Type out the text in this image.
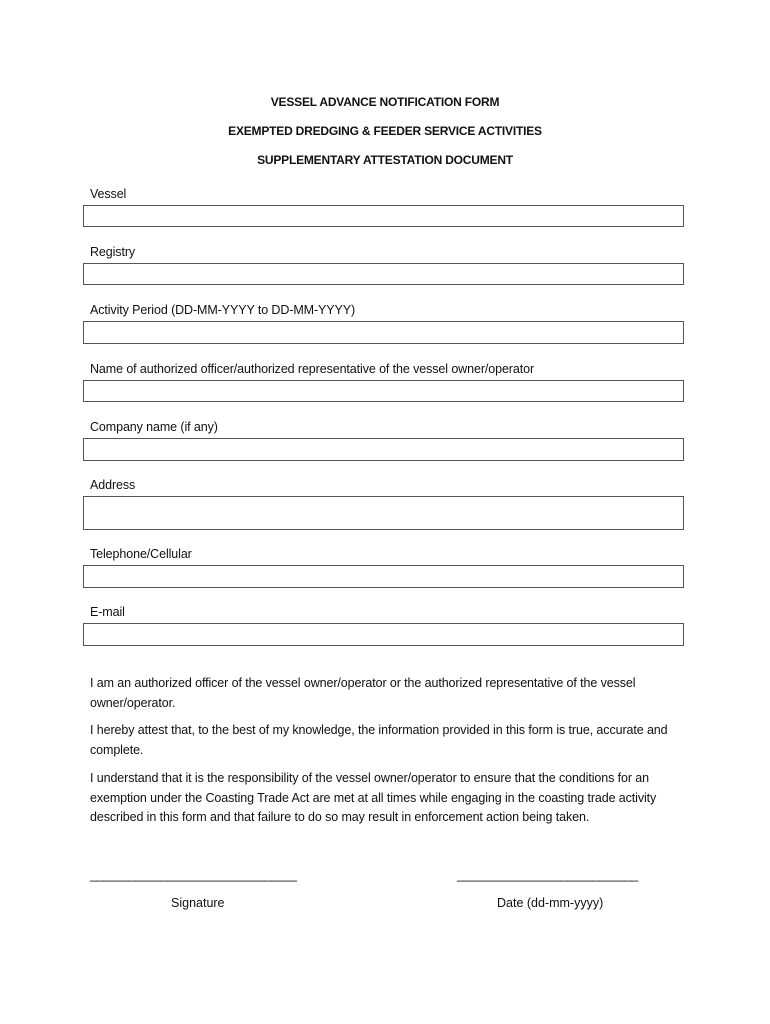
VESSEL ADVANCE NOTIFICATION FORM
EXEMPTED DREDGING & FEEDER SERVICE ACTIVITIES
SUPPLEMENTARY ATTESTATION DOCUMENT
Vessel
Registry
Activity Period (DD-MM-YYYY to DD-MM-YYYY)
Name of authorized officer/authorized representative of the vessel owner/operator
Company name (if any)
Address
Telephone/Cellular
E-mail
I am an authorized officer of the vessel owner/operator or the authorized representative of the vessel owner/operator.
I hereby attest that, to the best of my knowledge, the information provided in this form is true, accurate and complete.
I understand that it is the responsibility of the vessel owner/operator to ensure that the conditions for an exemption under the Coasting Trade Act are met at all times while engaging in the coasting trade activity described in this form and that failure to do so may result in enforcement action being taken.
________________________________
Signature
____________________________
Date (dd-mm-yyyy)
